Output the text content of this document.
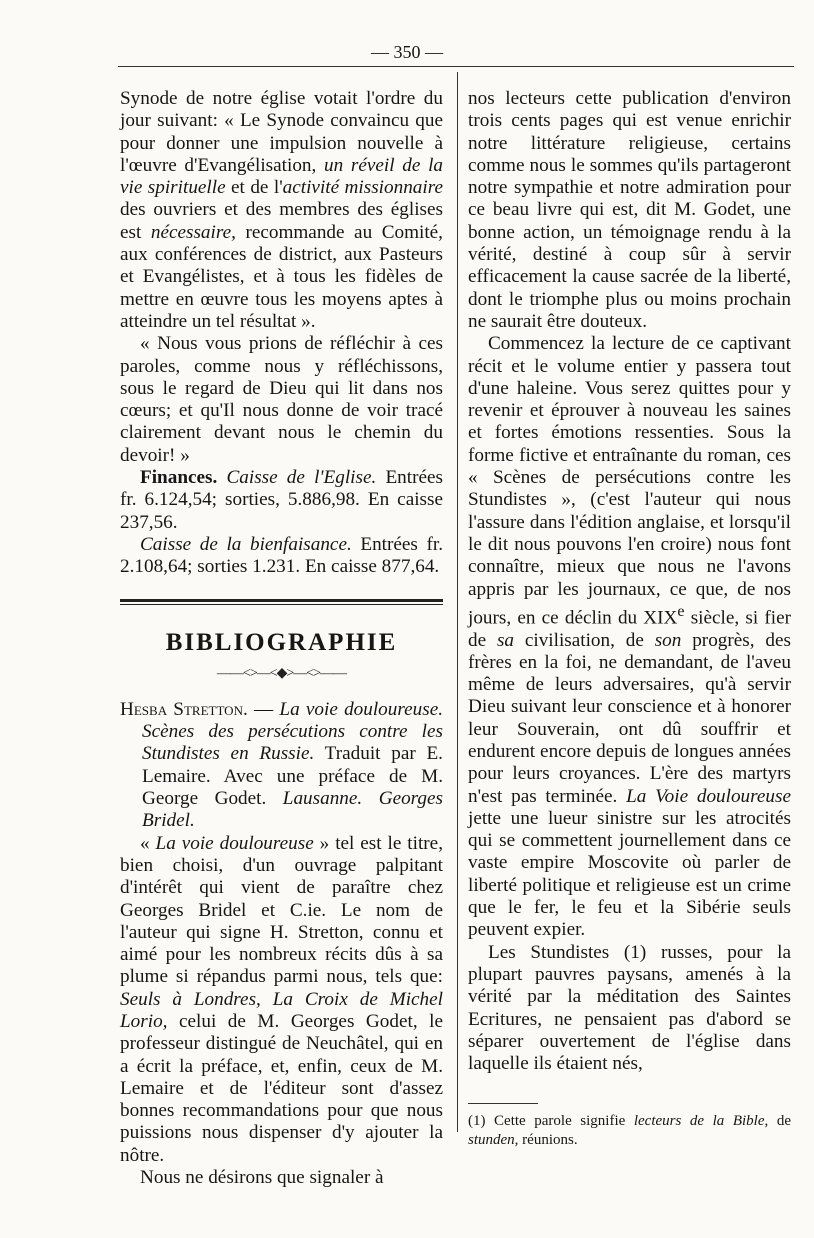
— 350 —

Synode de notre église votait l'ordre du jour suivant: « Le Synode convaincu que pour donner une impulsion nouvelle à l'œuvre d'Evangélisation, un réveil de la vie spirituelle et de l'activité missionnaire des ouvriers et des membres des églises est nécessaire, recommande au Comité, aux conférences de district, aux Pasteurs et Evangélistes, et à tous les fidèles de mettre en œuvre tous les moyens aptes à atteindre un tel résultat ».

« Nous vous prions de réfléchir à ces paroles, comme nous y réfléchissons, sous le regard de Dieu qui lit dans nos cœurs; et qu'Il nous donne de voir tracé clairement devant nous le chemin du devoir! »

Finances. Caisse de l'Eglise. Entrées fr. 6.124,54; sorties, 5.886,98. En caisse 237,56.

Caisse de la bienfaisance. Entrées fr. 2.108,64; sorties 1.231. En caisse 877,64.

BIBLIOGRAPHIE
——<>—<◆>—<>——

Hesba Stretton. — La voie douloureuse. Scènes des persécutions contre les Stundistes en Russie. Traduit par E. Lemaire. Avec une préface de M. George Godet. Lausanne. Georges Bridel.

« La voie douloureuse » tel est le titre, bien choisi, d'un ouvrage palpitant d'intérêt qui vient de paraître chez Georges Bridel et C.ie. Le nom de l'auteur qui signe H. Stretton, connu et aimé pour les nombreux récits dûs à sa plume si répandus parmi nous, tels que: Seuls à Londres, La Croix de Michel Lorio, celui de M. Georges Godet, le professeur distingué de Neuchâtel, qui en a écrit la préface, et, enfin, ceux de M. Lemaire et de l'éditeur sont d'assez bonnes recommandations pour que nous puissions nous dispenser d'y ajouter la nôtre.

Nous ne désirons que signaler à

nos lecteurs cette publication d'environ trois cents pages qui est venue enrichir notre littérature religieuse, certains comme nous le sommes qu'ils partageront notre sympathie et notre admiration pour ce beau livre qui est, dit M. Godet, une bonne action, un témoignage rendu à la vérité, destiné à coup sûr à servir efficacement la cause sacrée de la liberté, dont le triomphe plus ou moins prochain ne saurait être douteux.

Commencez la lecture de ce captivant récit et le volume entier y passera tout d'une haleine. Vous serez quittes pour y revenir et éprouver à nouveau les saines et fortes émotions ressenties. Sous la forme fictive et entraînante du roman, ces « Scènes de persécutions contre les Stundistes », (c'est l'auteur qui nous l'assure dans l'édition anglaise, et lorsqu'il le dit nous pouvons l'en croire) nous font connaître, mieux que nous ne l'avons appris par les journaux, ce que, de nos jours, en ce déclin du XIXe siècle, si fier de sa civilisation, de son progrès, des frères en la foi, ne demandant, de l'aveu même de leurs adversaires, qu'à servir Dieu suivant leur conscience et à honorer leur Souverain, ont dû souffrir et endurent encore depuis de longues années pour leurs croyances. L'ère des martyrs n'est pas terminée. La Voie douloureuse jette une lueur sinistre sur les atrocités qui se commettent journellement dans ce vaste empire Moscovite où parler de liberté politique et religieuse est un crime que le fer, le feu et la Sibérie seuls peuvent expier.

Les Stundistes (1) russes, pour la plupart pauvres paysans, amenés à la vérité par la méditation des Saintes Ecritures, ne pensaient pas d'abord se séparer ouvertement de l'église dans laquelle ils étaient nés,

(1) Cette parole signifie lecteurs de la Bible, de stunden, réunions.
